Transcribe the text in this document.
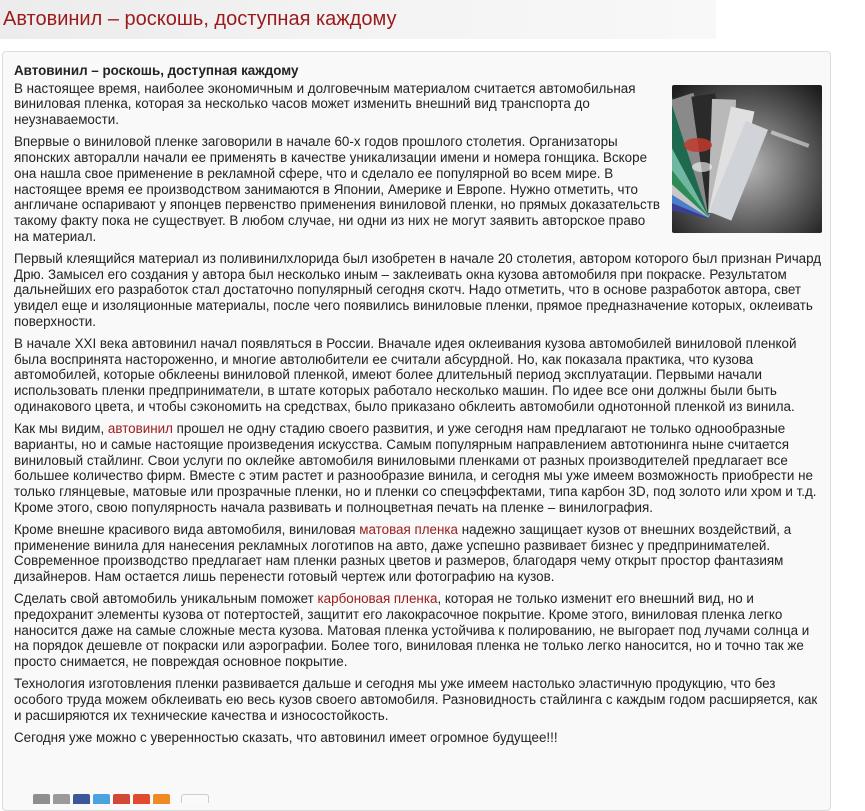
Автовинил – роскошь, доступная каждому
Автовинил – роскошь, доступная каждому

В настоящее время, наиболее экономичным и долговечным материалом считается автомобильная виниловая пленка, которая за несколько часов может изменить внешний вид транспорта до неузнаваемости.

Впервые о виниловой пленке заговорили в начале 60-х годов прошлого столетия. Организаторы японских авторалли начали ее применять в качестве уникализации имени и номера гонщика. Вскоре она нашла свое применение в рекламной сфере, что и сделало ее популярной во всем мире. В настоящее время ее производством занимаются в Японии, Америке и Европе. Нужно отметить, что англичане оспаривают у японцев первенство применения виниловой пленки, но прямых доказательств такому факту пока не существует. В любом случае, ни одни из них не могут заявить авторское право на материал.

Первый клеящийся материал из поливинилхлорида был изобретен в начале 20 столетия, автором которого был признан Ричард Дрю. Замысел его создания у автора был несколько иным – заклеивать окна кузова автомобиля при покраске. Результатом дальнейших его разработок стал достаточно популярный сегодня скотч. Надо отметить, что в основе разработок автора, свет увидел еще и изоляционные материалы, после чего появились виниловые пленки, прямое предназначение которых, оклеивать поверхности.

В начале XXI века автовинил начал появляться в России. Вначале идея оклеивания кузова автомобилей виниловой пленкой была воспринята настороженно, и многие автолюбители ее считали абсурдной. Но, как показала практика, что кузова автомобилей, которые обклеены виниловой пленкой, имеют более длительный период эксплуатации. Первыми начали использовать пленки предприниматели, в штате которых работало несколько машин. По идее все они должны были быть одинакового цвета, и чтобы сэкономить на средствах, было приказано обклеить автомобили однотонной пленкой из винила.

Как мы видим, автовинил прошел не одну стадию своего развития, и уже сегодня нам предлагают не только однообразные варианты, но и самые настоящие произведения искусства. Самым популярным направлением автотюнинга ныне считается виниловый стайлинг. Свои услуги по оклейке автомобиля виниловыми пленками от разных производителей предлагает все большее количество фирм. Вместе с этим растет и разнообразие винила, и сегодня мы уже имеем возможность приобрести не только глянцевые, матовые или прозрачные пленки, но и пленки со спецэффектами, типа карбон 3D, под золото или хром и т.д. Кроме этого, свою популярность начала развивать и полноцветная печать на пленке – винилография.

Кроме внешне красивого вида автомобиля, виниловая матовая пленка надежно защищает кузов от внешних воздействий, а применение винила для нанесения рекламных логотипов на авто, даже успешно развивает бизнес у предпринимателей. Современное производство предлагает нам пленки разных цветов и размеров, благодаря чему открыт простор фантазиям дизайнеров. Нам остается лишь перенести готовый чертеж или фотографию на кузов.

Сделать свой автомобиль уникальным поможет карбоновая пленка, которая не только изменит его внешний вид, но и предохранит элементы кузова от потертостей, защитит его лакокрасочное покрытие. Кроме этого, виниловая пленка легко наносится даже на самые сложные места кузова. Матовая пленка устойчива к полированию, не выгорает под лучами солнца и на порядок дешевле от покраски или аэрографии. Более того, виниловая пленка не только легко наносится, но и точно так же просто снимается, не повреждая основное покрытие.

Технология изготовления пленки развивается дальше и сегодня мы уже имеем настолько эластичную продукцию, что без особого труда можем обклеивать ею весь кузов своего автомобиля. Разновидность стайлинга с каждым годом расширяется, как и расширяются их технические качества и износостойкость.

Сегодня уже можно с уверенностью сказать, что автовинил имеет огромное будущее!!!
